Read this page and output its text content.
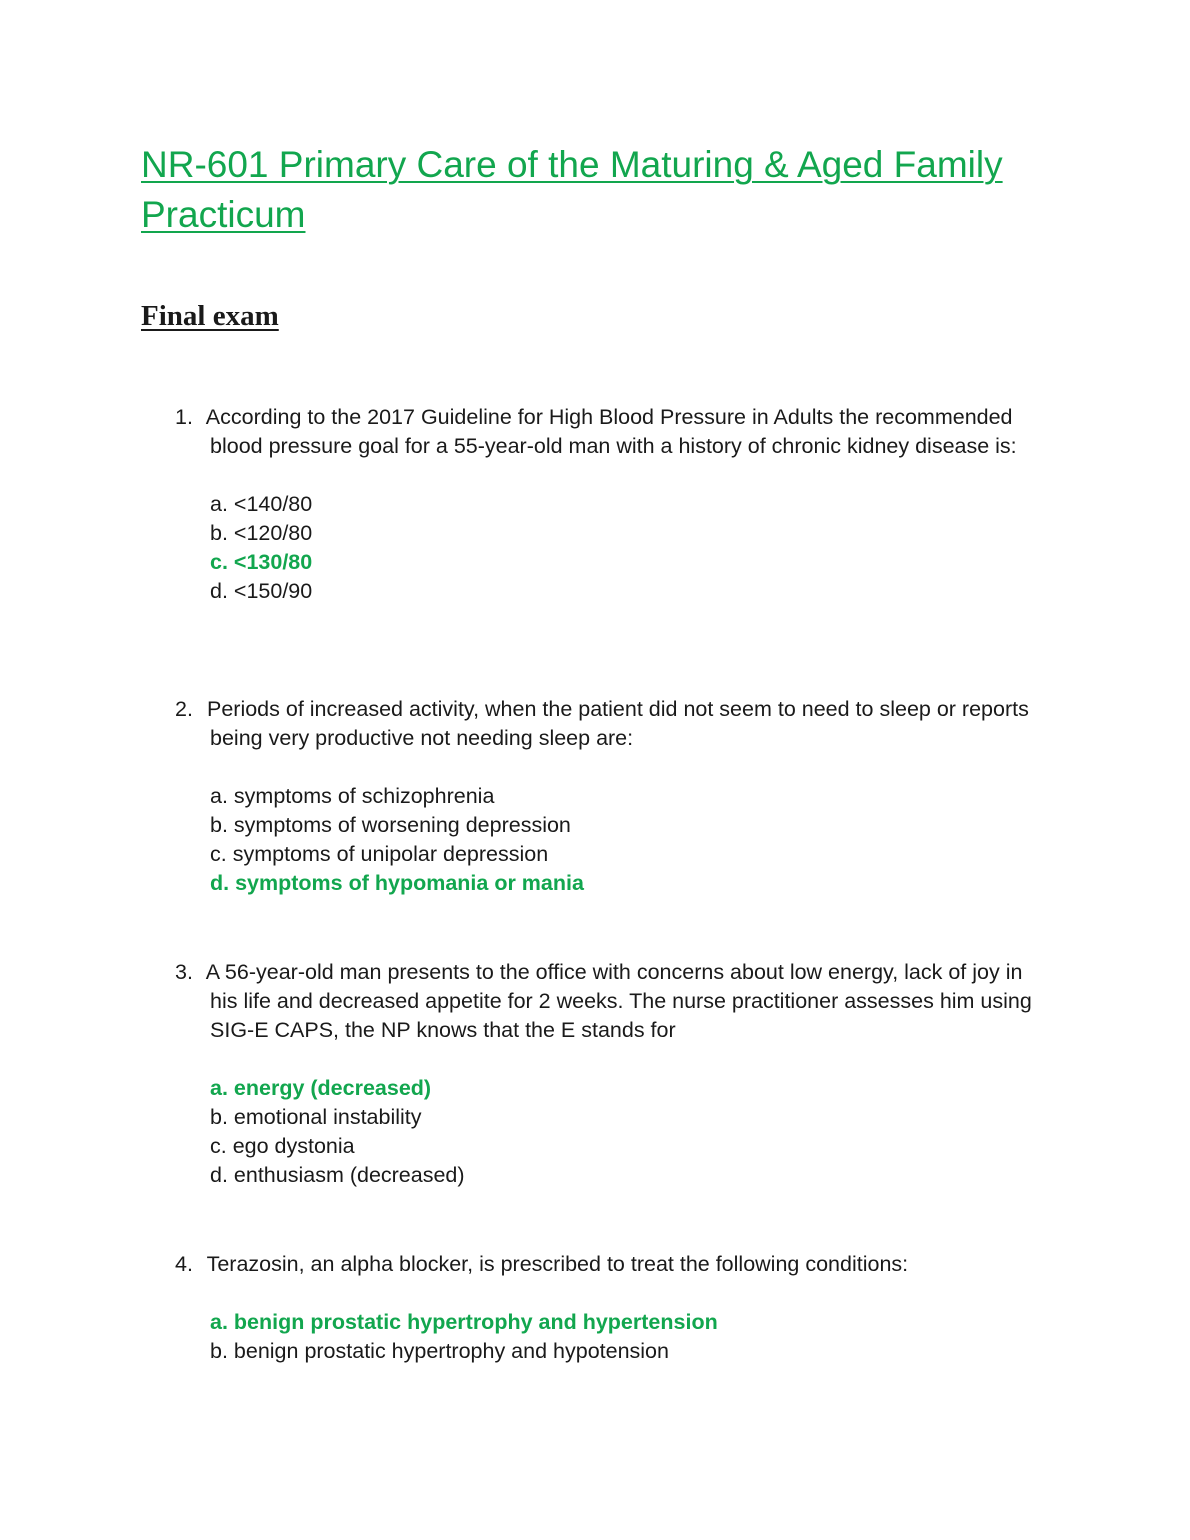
NR-601 Primary Care of the Maturing & Aged Family Practicum
Final exam

1. According to the 2017 Guideline for High Blood Pressure in Adults the recommended blood pressure goal for a 55-year-old man with a history of chronic kidney disease is:

a. <140/80
b. <120/80
c. <130/80
d. <150/90

2. Periods of increased activity, when the patient did not seem to need to sleep or reports being very productive not needing sleep are:

a. symptoms of schizophrenia
b. symptoms of worsening depression
c. symptoms of unipolar depression
d. symptoms of hypomania or mania

3. A 56-year-old man presents to the office with concerns about low energy, lack of joy in his life and decreased appetite for 2 weeks. The nurse practitioner assesses him using SIG-E CAPS, the NP knows that the E stands for

a. energy (decreased)
b. emotional instability
c. ego dystonia
d. enthusiasm (decreased)

4. Terazosin, an alpha blocker, is prescribed to treat the following conditions:

a. benign prostatic hypertrophy and hypertension
b. benign prostatic hypertrophy and hypotension
